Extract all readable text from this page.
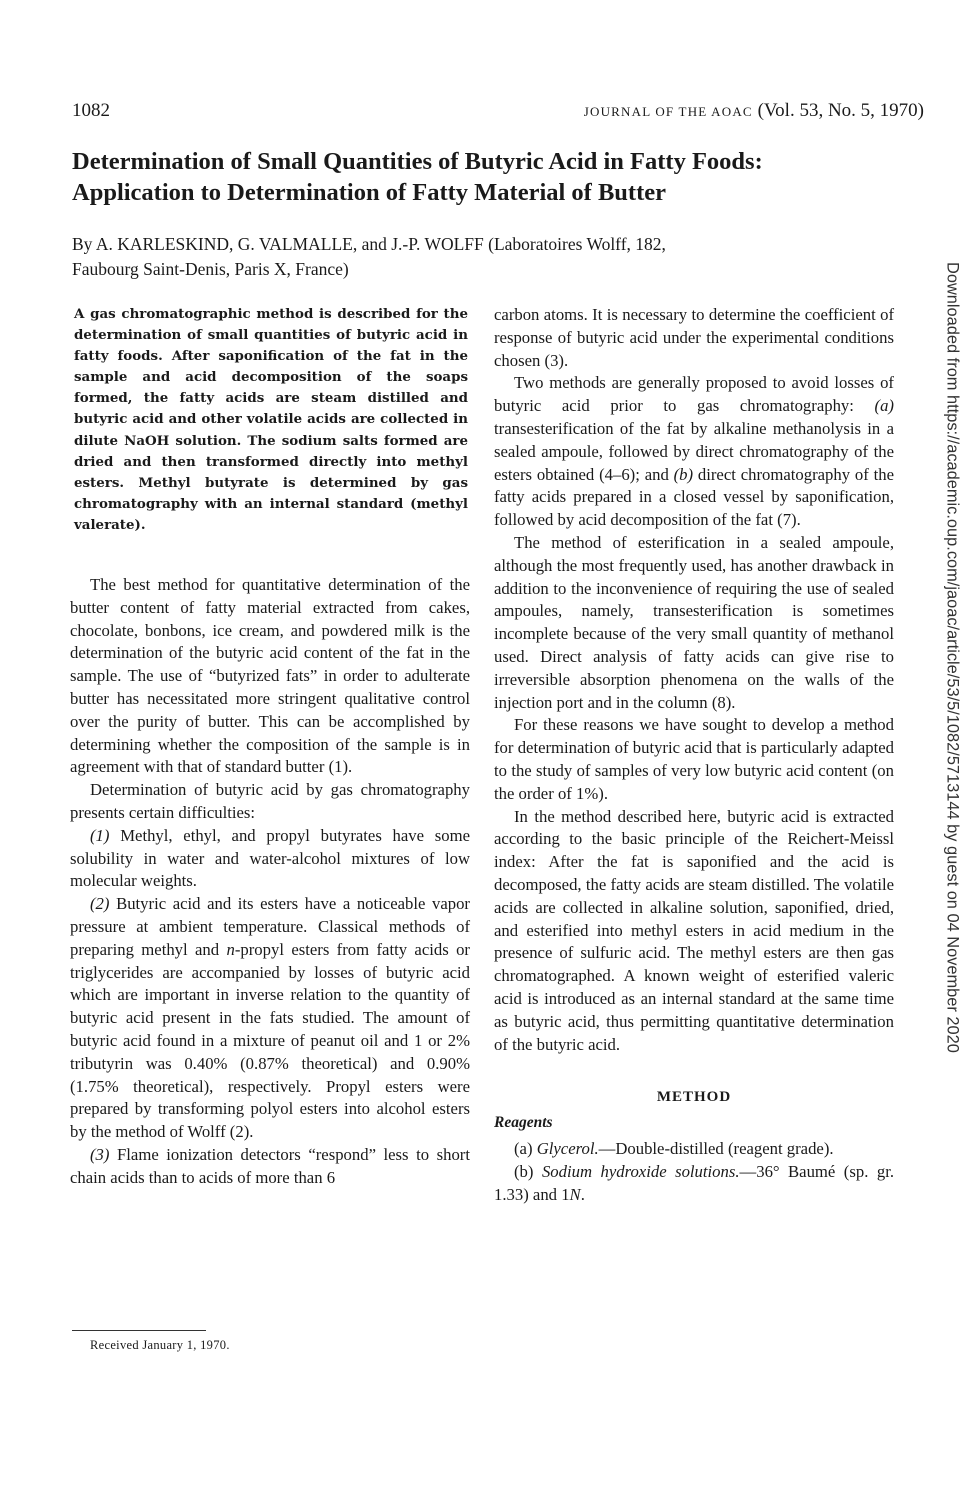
1082	JOURNAL OF THE AOAC (Vol. 53, No. 5, 1970)
Determination of Small Quantities of Butyric Acid in Fatty Foods:
Application to Determination of Fatty Material of Butter
By A. KARLESKIND, G. VALMALLE, and J.-P. WOLFF (Laboratoires Wolff, 182,
Faubourg Saint-Denis, Paris X, France)

A gas chromatographic method is described for the determination of small quantities of butyric acid in fatty foods. After saponification of the fat in the sample and acid decomposition of the soaps formed, the fatty acids are steam distilled and butyric acid and other volatile acids are collected in dilute NaOH solution. The sodium salts formed are dried and then transformed directly into methyl esters. Methyl butyrate is determined by gas chromatography with an internal standard (methyl valerate).

The best method for quantitative determination of the butter content of fatty material extracted from cakes, chocolate, bonbons, ice cream, and powdered milk is the determination of the butyric acid content of the fat in the sample. The use of “butyrized fats” in order to adulterate butter has necessitated more stringent qualitative control over the purity of butter. This can be accomplished by determining whether the composition of the sample is in agreement with that of standard butter (1).

Determination of butyric acid by gas chromatography presents certain difficulties:

(1) Methyl, ethyl, and propyl butyrates have some solubility in water and water-alcohol mixtures of low molecular weights.

(2) Butyric acid and its esters have a noticeable vapor pressure at ambient temperature. Classical methods of preparing methyl and n-propyl esters from fatty acids or triglycerides are accompanied by losses of butyric acid which are important in inverse relation to the quantity of butyric acid present in the fats studied. The amount of butyric acid found in a mixture of peanut oil and 1 or 2% tributyrin was 0.40% (0.87% theoretical) and 0.90% (1.75% theoretical), respectively. Propyl esters were prepared by transforming polyol esters into alcohol esters by the method of Wolff (2).

(3) Flame ionization detectors “respond” less to short chain acids than to acids of more than 6

carbon atoms. It is necessary to determine the coefficient of response of butyric acid under the experimental conditions chosen (3).

Two methods are generally proposed to avoid losses of butyric acid prior to gas chromatography: (a) transesterification of the fat by alkaline methanolysis in a sealed ampoule, followed by direct chromatography of the esters obtained (4–6); and (b) direct chromatography of the fatty acids prepared in a closed vessel by saponification, followed by acid decomposition of the fat (7).

The method of esterification in a sealed ampoule, although the most frequently used, has another drawback in addition to the inconvenience of requiring the use of sealed ampoules, namely, transesterification is sometimes incomplete because of the very small quantity of methanol used. Direct analysis of fatty acids can give rise to irreversible absorption phenomena on the walls of the injection port and in the column (8).

For these reasons we have sought to develop a method for determination of butyric acid that is particularly adapted to the study of samples of very low butyric acid content (on the order of 1%).

In the method described here, butyric acid is extracted according to the basic principle of the Reichert-Meissl index: After the fat is saponified and the acid is decomposed, the fatty acids are steam distilled. The volatile acids are collected in alkaline solution, saponified, dried, and esterified into methyl esters in acid medium in the presence of sulfuric acid. The methyl esters are then gas chromatographed. A known weight of esterified valeric acid is introduced as an internal standard at the same time as butyric acid, thus permitting quantitative determination of the butyric acid.

METHOD
Reagents

(a) Glycerol.—Double-distilled (reagent grade).

(b) Sodium hydroxide solutions.—36° Baumé (sp. gr. 1.33) and 1N.

Received January 1, 1970.
Downloaded from https://academic.oup.com/jaoac/article/53/5/1082/5713144 by guest on 04 November 2020
